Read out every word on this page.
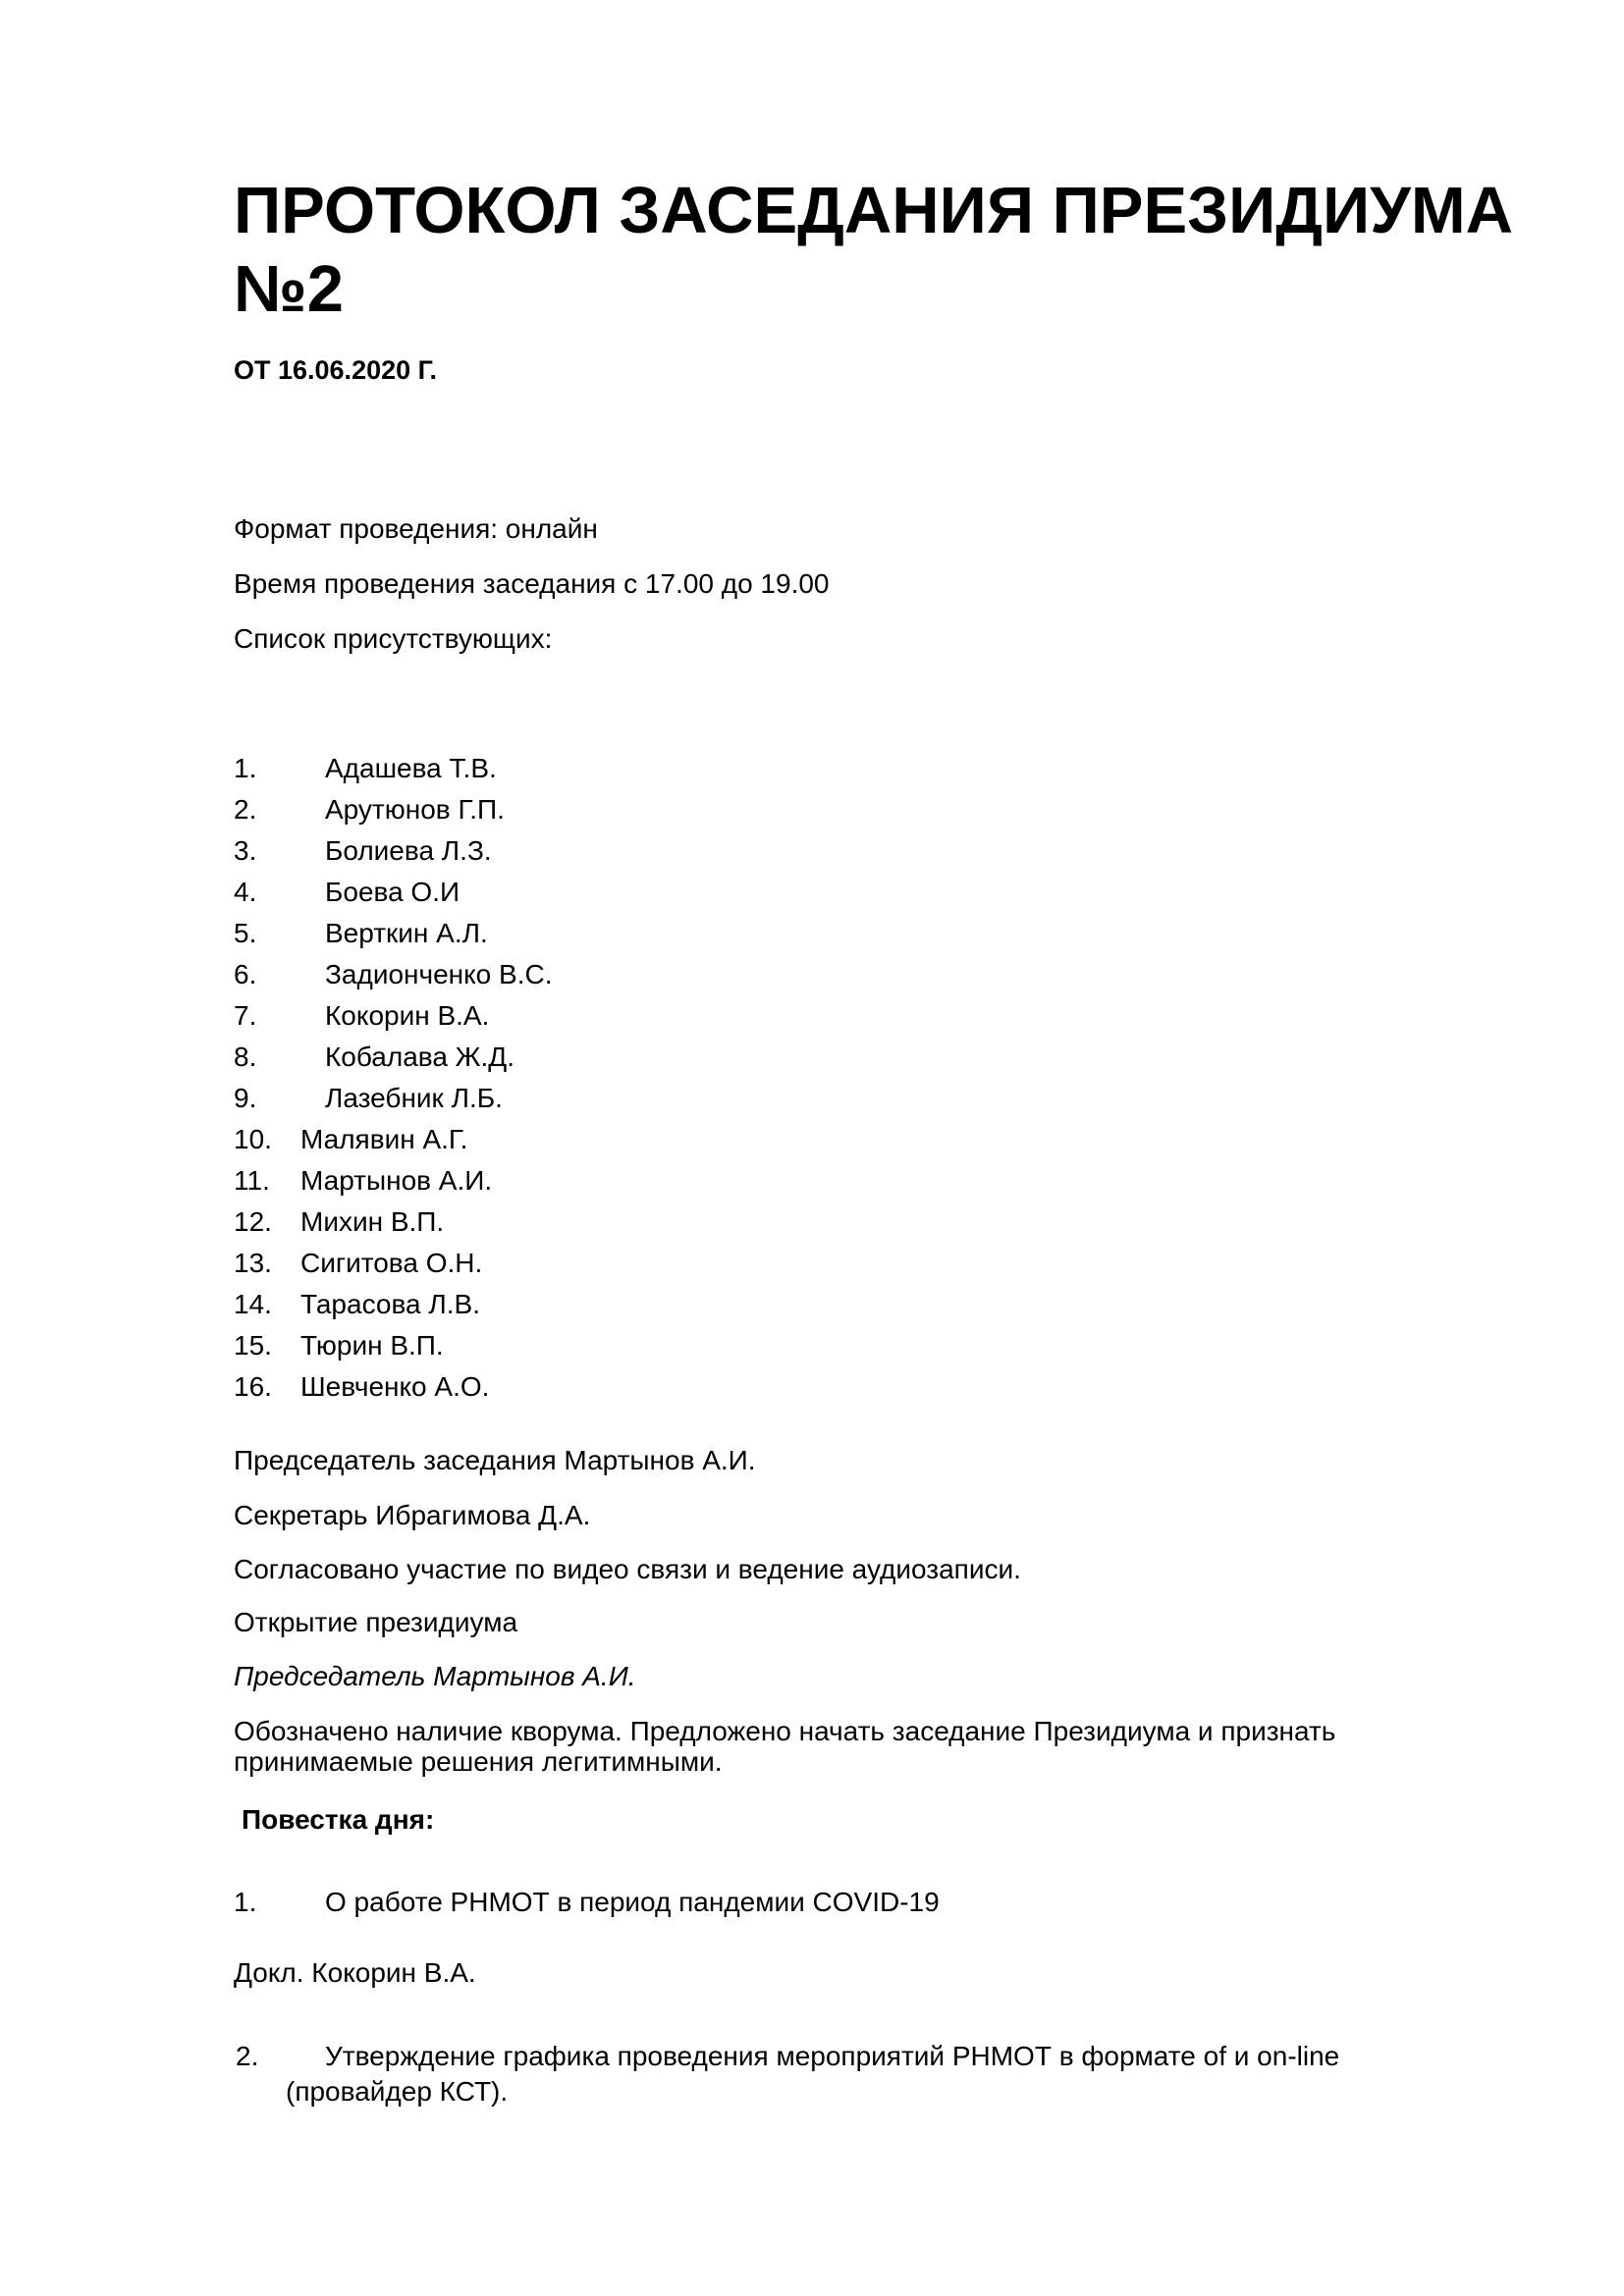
ПРОТОКОЛ ЗАСЕДАНИЯ ПРЕЗИДИУМА №2

ОТ 16.06.2020 Г.

Формат проведения: онлайн

Время проведения заседания с 17.00 до 19.00

Список присутствующих:

1. Адашева Т.В.
2. Арутюнов Г.П.
3. Болиева Л.З.
4. Боева О.И
5. Верткин А.Л.
6. Задионченко В.С.
7. Кокорин В.А.
8. Кобалава Ж.Д.
9. Лазебник Л.Б.
10. Малявин А.Г.
11. Мартынов А.И.
12. Михин В.П.
13. Сигитова О.Н.
14. Тарасова Л.В.
15. Тюрин В.П.
16. Шевченко А.О.

Председатель заседания Мартынов А.И.

Секретарь Ибрагимова Д.А.

Согласовано участие по видео связи и ведение аудиозаписи.

Открытие президиума

Председатель Мартынов А.И.

Обозначено наличие кворума. Предложено начать заседание Президиума и признать принимаемые решения легитимными.

Повестка дня:

1. О работе РНМОТ в период пандемии COVID-19

Докл. Кокорин В.А.

2. Утверждение графика проведения мероприятий РНМОТ в формате of и on-line

(провайдер КСТ).
